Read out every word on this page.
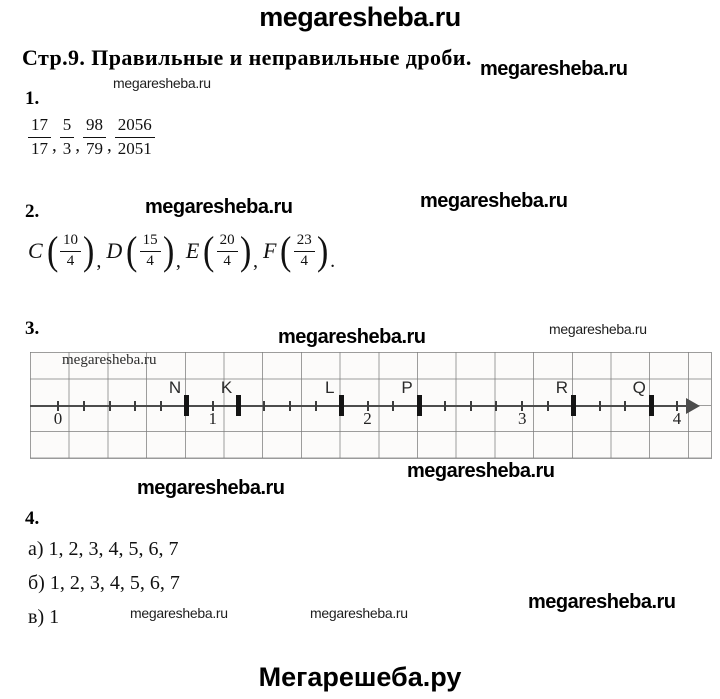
megaresheba.ru
Стр.9. Правильные и неправильные дроби. megaresheba.ru
megaresheba.ru
megaresheba.ru	megaresheba.ru
megaresheba.ru	megaresheba.ru
megaresheba.ru
megaresheba.ru
megaresheba.ru	megaresheba.ru	megaresheba.ru
1.
2.
3.
4.
$\frac{17}{17}$ , $\frac{5}{3}$ , $\frac{98}{79}$ , $\frac{2056}{2051}$
C ( $\frac{10}{4}$ ) , D ( $\frac{15}{4}$ ) , E ( $\frac{20}{4}$ ) , F ( $\frac{23}{4}$ ) .
megaresheba.ru
0	1	2	3	4
N	K	L	P	R	Q
а) 1, 2, 3, 4, 5, 6, 7
б) 1, 2, 3, 4, 5, 6, 7
в) 1
Мегарешеба.ру
